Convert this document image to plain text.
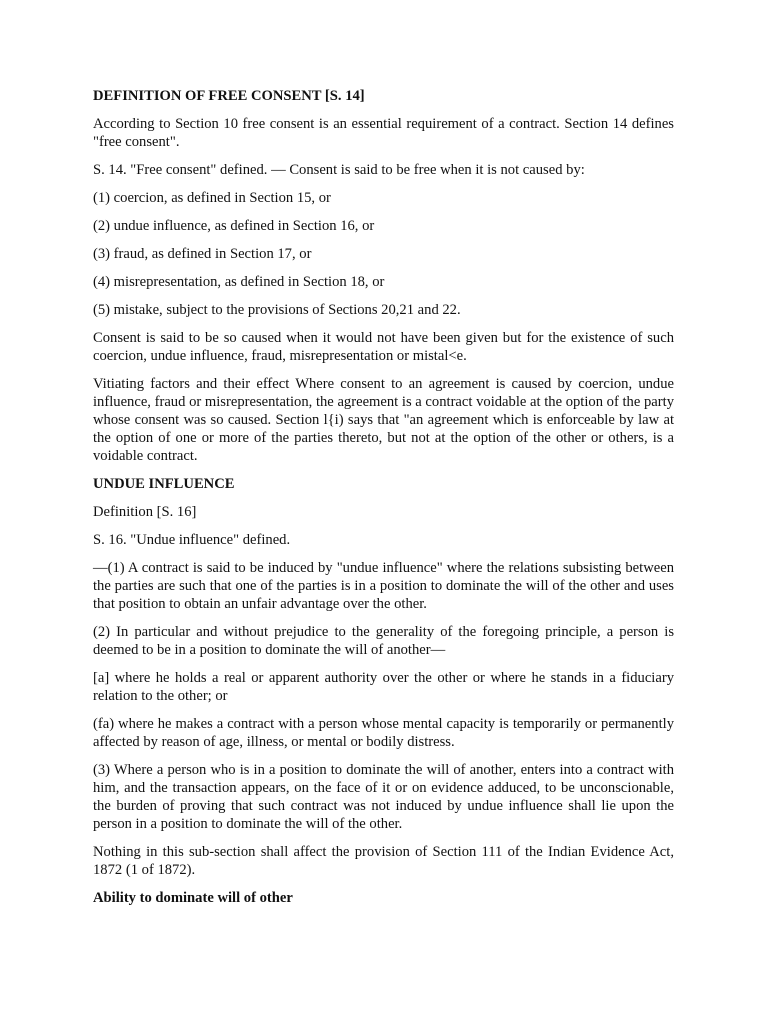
DEFINITION OF FREE CONSENT [S. 14]

According to Section 10 free consent is an essential requirement of a contract. Section 14 defines "free consent".

S. 14. "Free consent" defined. — Consent is said to be free when it is not caused by:

(1) coercion, as defined in Section 15, or

(2) undue influence, as defined in Section 16, or

(3) fraud, as defined in Section 17, or

(4) misrepresentation, as defined in Section 18, or

(5) mistake, subject to the provisions of Sections 20,21 and 22.

Consent is said to be so caused when it would not have been given but for the existence of such coercion, undue influence, fraud, misrepresentation or mistal<e.

Vitiating factors and their effect Where consent to an agreement is caused by coercion, undue influence, fraud or misrepresentation, the agreement is a contract voidable at the option of the party whose consent was so caused. Section l{i) says that "an agreement which is enforceable by law at the option of one or more of the parties thereto, but not at the option of the other or others, is a voidable contract.

UNDUE INFLUENCE

Definition [S. 16]

S. 16. "Undue influence" defined.

—(1) A contract is said to be induced by "undue influence" where the relations subsisting between the parties are such that one of the parties is in a position to dominate the will of the other and uses that position to obtain an unfair advantage over the other.

(2) In particular and without prejudice to the generality of the foregoing principle, a person is deemed to be in a position to dominate the will of another—

[a] where he holds a real or apparent authority over the other or where he stands in a fiduciary relation to the other; or

(fa) where he makes a contract with a person whose mental capacity is temporarily or permanently affected by reason of age, illness, or mental or bodily distress.

(3) Where a person who is in a position to dominate the will of another, enters into a contract with him, and the transaction appears, on the face of it or on evidence adduced, to be unconscionable, the burden of proving that such contract was not induced by undue influence shall lie upon the person in a position to dominate the will of the other.

Nothing in this sub-section shall affect the provision of Section 111 of the Indian Evidence Act, 1872 (1 of 1872).

Ability to dominate will of other
